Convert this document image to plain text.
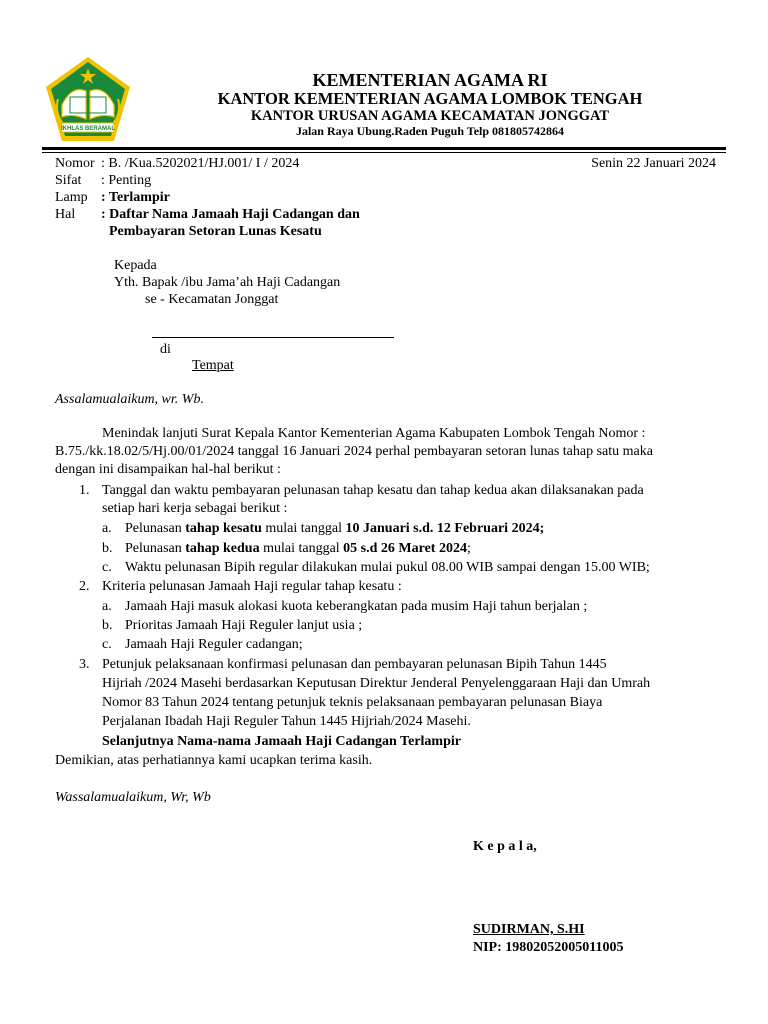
IKHLAS BERAMAL
KEMENTERIAN AGAMA RI
KANTOR KEMENTERIAN AGAMA LOMBOK TENGAH
KANTOR URUSAN AGAMA KECAMATAN JONGGAT
Jalan Raya Ubung.Raden Puguh Telp 081805742864
Nomor : B. /Kua.5202021/HJ.001/ I / 2024	Senin 22 Januari 2024
Sifat : Penting
Lamp : Terlampir
Hal : Daftar Nama Jamaah Haji Cadangan dan
Pembayaran Setoran Lunas Kesatu
Kepada
Yth. Bapak /ibu Jama’ah Haji Cadangan
se - Kecamatan Jonggat
di
Tempat
Assalamualaikum, wr. Wb.
Menindak lanjuti Surat Kepala Kantor Kementerian Agama Kabupaten Lombok Tengah Nomor :
B.75./kk.18.02/5/Hj.00/01/2024 tanggal 16 Januari 2024 perhal pembayaran setoran lunas tahap satu maka
dengan ini disampaikan hal-hal berikut :
1. Tanggal dan waktu pembayaran pelunasan tahap kesatu dan tahap kedua akan dilaksanakan pada
setiap hari kerja sebagai berikut :
a. Pelunasan tahap kesatu mulai tanggal 10 Januari s.d. 12 Februari 2024;
b. Pelunasan tahap kedua mulai tanggal 05 s.d 26 Maret 2024;
c. Waktu pelunasan Bipih regular dilakukan mulai pukul 08.00 WIB sampai dengan 15.00 WIB;
2. Kriteria pelunasan Jamaah Haji regular tahap kesatu :
a. Jamaah Haji masuk alokasi kuota keberangkatan pada musim Haji tahun berjalan ;
b. Prioritas Jamaah Haji Reguler lanjut usia ;
c. Jamaah Haji Reguler cadangan;
3. Petunjuk pelaksanaan konfirmasi pelunasan dan pembayaran pelunasan Bipih Tahun 1445
Hijriah /2024 Masehi berdasarkan Keputusan Direktur Jenderal Penyelenggaraan Haji dan Umrah
Nomor 83 Tahun 2024 tentang petunjuk teknis pelaksanaan pembayaran pelunasan Biaya
Perjalanan Ibadah Haji Reguler Tahun 1445 Hijriah/2024 Masehi.
Selanjutnya Nama-nama Jamaah Haji Cadangan Terlampir
Demikian, atas perhatiannya kami ucapkan terima kasih.
Wassalamualaikum, Wr, Wb
K e p a l a,
SUDIRMAN, S.HI
NIP: 19802052005011005
